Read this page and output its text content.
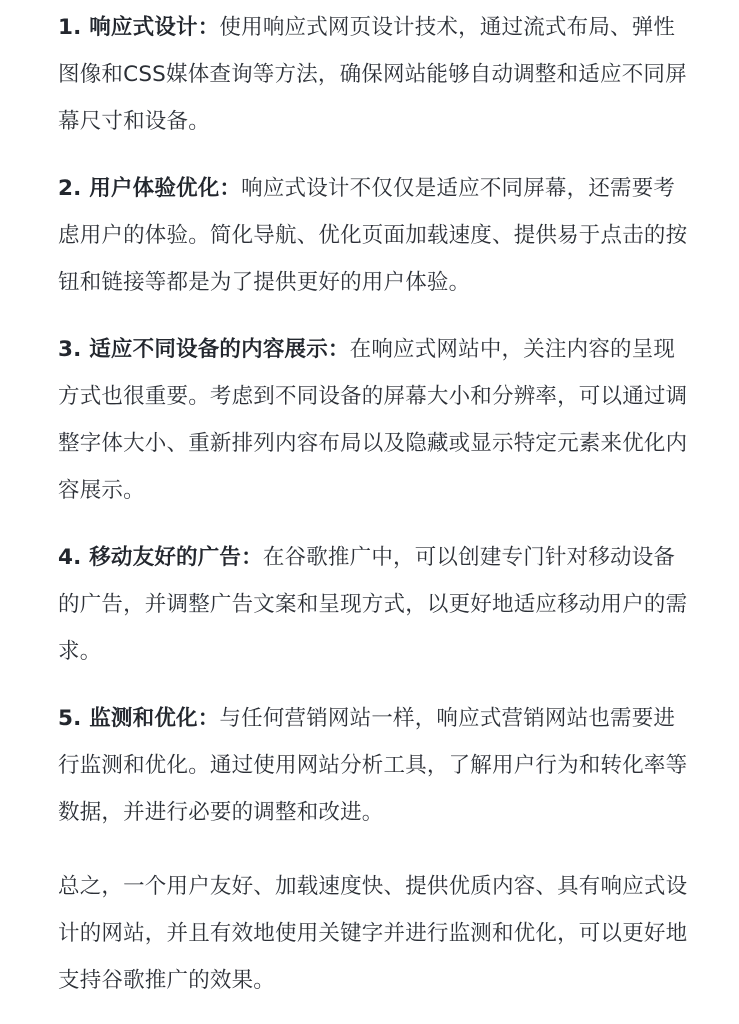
1. 响应式设计：使用响应式网页设计技术，通过流式布局、弹性图像和CSS媒体查询等方法，确保网站能够自动调整和适应不同屏幕尺寸和设备。

2. 用户体验优化：响应式设计不仅仅是适应不同屏幕，还需要考虑用户的体验。简化导航、优化页面加载速度、提供易于点击的按钮和链接等都是为了提供更好的用户体验。

3. 适应不同设备的内容展示：在响应式网站中，关注内容的呈现方式也很重要。考虑到不同设备的屏幕大小和分辨率，可以通过调整字体大小、重新排列内容布局以及隐藏或显示特定元素来优化内容展示。

4. 移动友好的广告：在谷歌推广中，可以创建专门针对移动设备的广告，并调整广告文案和呈现方式，以更好地适应移动用户的需求。

5. 监测和优化：与任何营销网站一样，响应式营销网站也需要进行监测和优化。通过使用网站分析工具，了解用户行为和转化率等数据，并进行必要的调整和改进。

总之，一个用户友好、加载速度快、提供优质内容、具有响应式设计的网站，并且有效地使用关键字并进行监测和优化，可以更好地支持谷歌推广的效果。
